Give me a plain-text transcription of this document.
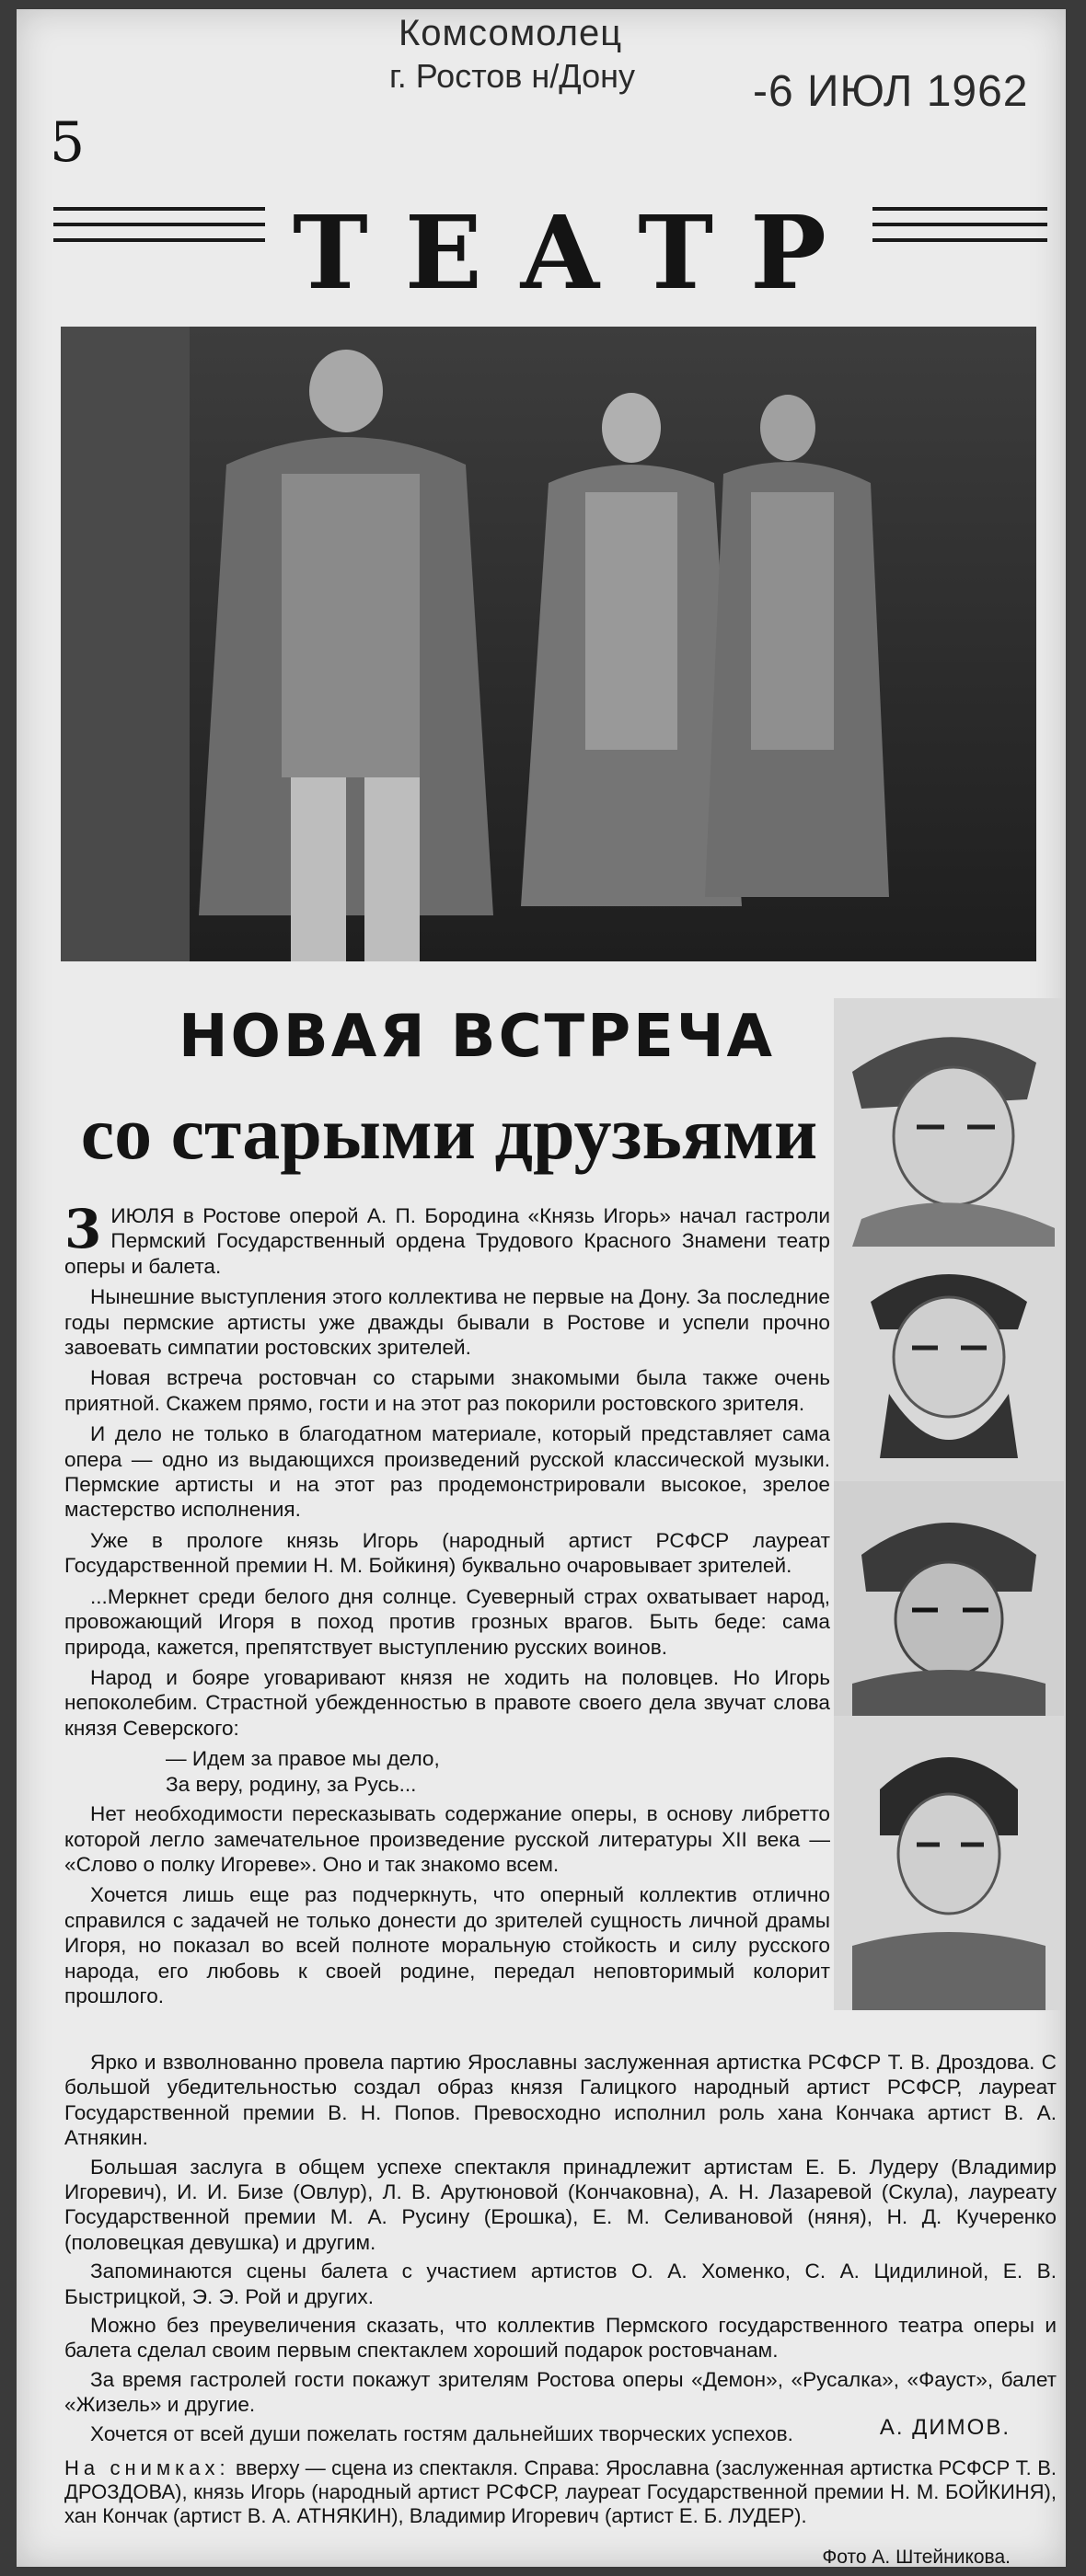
Комсомолец
г. Ростов н/Дону	-6 ИЮЛ 1962
5
ТЕАТР
НОВАЯ ВСТРЕЧА
со старыми друзьями

3 ИЮЛЯ в Ростове оперой А. П. Бородина «Князь Игорь» начал гастроли Пермский Государственный ордена Трудового Красного Знамени театр оперы и балета.

Нынешние выступления этого коллектива не первые на Дону. За последние годы пермские артисты уже дважды бывали в Ростове и успели прочно завоевать симпатии ростовских зрителей.

Новая встреча ростовчан со старыми знакомыми была также очень приятной. Скажем прямо, гости и на этот раз покорили ростовского зрителя.

И дело не только в благодатном материале, который представляет сама опера — одно из выдающихся произведений русской классической музыки. Пермские артисты и на этот раз продемонстрировали высокое, зрелое мастерство исполнения.

Уже в прологе князь Игорь (народный артист РСФСР лауреат Государственной премии Н. М. Бойкиня) буквально очаровывает зрителей.

...Меркнет среди белого дня солнце. Суеверный страх охватывает народ, провожающий Игоря в поход против грозных врагов. Быть беде: сама природа, кажется, препятствует выступлению русских воинов.

Народ и бояре уговаривают князя не ходить на половцев. Но Игорь непоколебим. Страстной убежденностью в правоте своего дела звучат слова князя Северского:

— Идем за правое мы дело,
За веру, родину, за Русь...

Нет необходимости пересказывать содержание оперы, в основу либретто которой легло замечательное произведение русской литературы XII века — «Слово о полку Игореве». Оно и так знакомо всем.

Хочется лишь еще раз подчеркнуть, что оперный коллектив отлично справился с задачей не только донести до зрителей сущность личной драмы Игоря, но показал во всей полноте моральную стойкость и силу русского народа, его любовь к своей родине, передал неповторимый колорит прошлого.

Ярко и взволнованно провела партию Ярославны заслуженная артистка РСФСР Т. В. Дроздова. С большой убедительностью создал образ князя Галицкого народный артист РСФСР, лауреат Государственной премии В. Н. Попов. Превосходно исполнил роль хана Кончака артист В. А. Атнякин.

Большая заслуга в общем успехе спектакля принадлежит артистам Е. Б. Лудеру (Владимир Игоревич), И. И. Бизе (Овлур), Л. В. Арутюновой (Кончаковна), А. Н. Лазаревой (Скула), лауреату Государственной премии М. А. Русину (Ерошка), Е. М. Селивановой (няня), Н. Д. Кучеренко (половецкая девушка) и другим.

Запоминаются сцены балета с участием артистов О. А. Хоменко, С. А. Цидилиной, Е. В. Быстрицкой, Э. Э. Рой и других.

Можно без преувеличения сказать, что коллектив Пермского государственного театра оперы и балета сделал своим первым спектаклем хороший подарок ростовчанам.

За время гастролей гости покажут зрителям Ростова оперы «Демон», «Русалка», «Фауст», балет «Жизель» и другие.

Хочется от всей души пожелать гостям дальнейших творческих успехов.	А. ДИМОВ.
На снимках: вверху — сцена из спектакля. Справа: Ярославна (заслуженная артистка РСФСР Т. В. ДРОЗДОВА), князь Игорь (народный артист РСФСР, лауреат Государственной премии Н. М. БОЙКИНЯ), хан Кончак (артист В. А. АТНЯКИН), Владимир Игоревич (артист Е. Б. ЛУДЕР).
Фото А. Штейникова.
